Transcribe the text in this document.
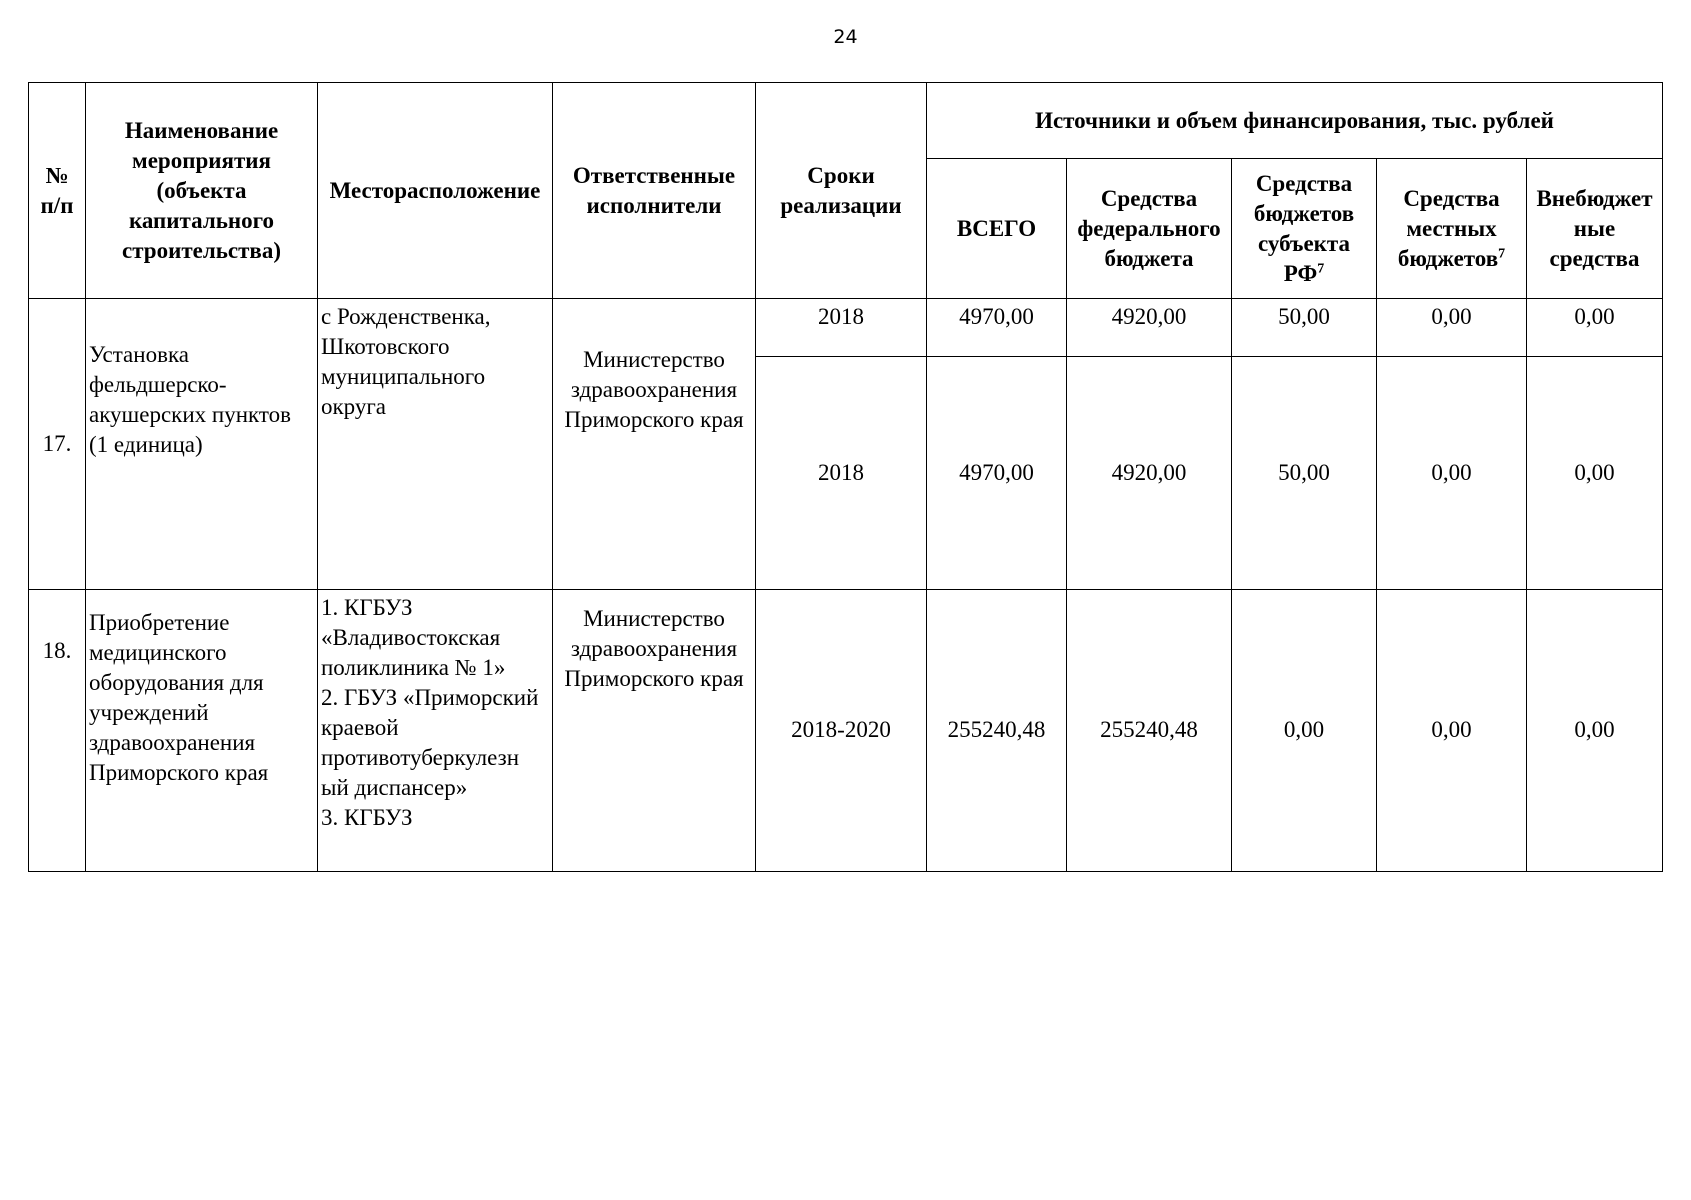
24
№
п/п	Наименование мероприятия (объекта капитального строительства)	Месторасположение	Ответственные исполнители	Сроки реализации	Источники и объем финансирования, тыс. рублей				
					ВСЕГО	Средства федерального бюджета	Средства бюджетов субъекта $РФ^7$	Средства местных бюджетов$^7$	Внебюджет ные средства
17.	Установка фельдшерско-акушерских пунктов (1 единица)	с Рожденственка, Шкотовского муниципального округа	Министерство здравоохранения Приморского края	2018	4970,00	4920,00	50,00	0,00	0,00
				2018	4970,00	4920,00	50,00	0,00	0,00
18.	Приобретение медицинского оборудования для учреждений здравоохранения Приморского края	1. КГБУЗ «Владивостокская поликлиника № 1»
2. ГБУЗ «Приморский краевой противотуберкулезн ый диспансер»
3. КГБУЗ	Министерство здравоохранения Приморского края	2018-2020	255240,48	255240,48	0,00	0,00	0,00
